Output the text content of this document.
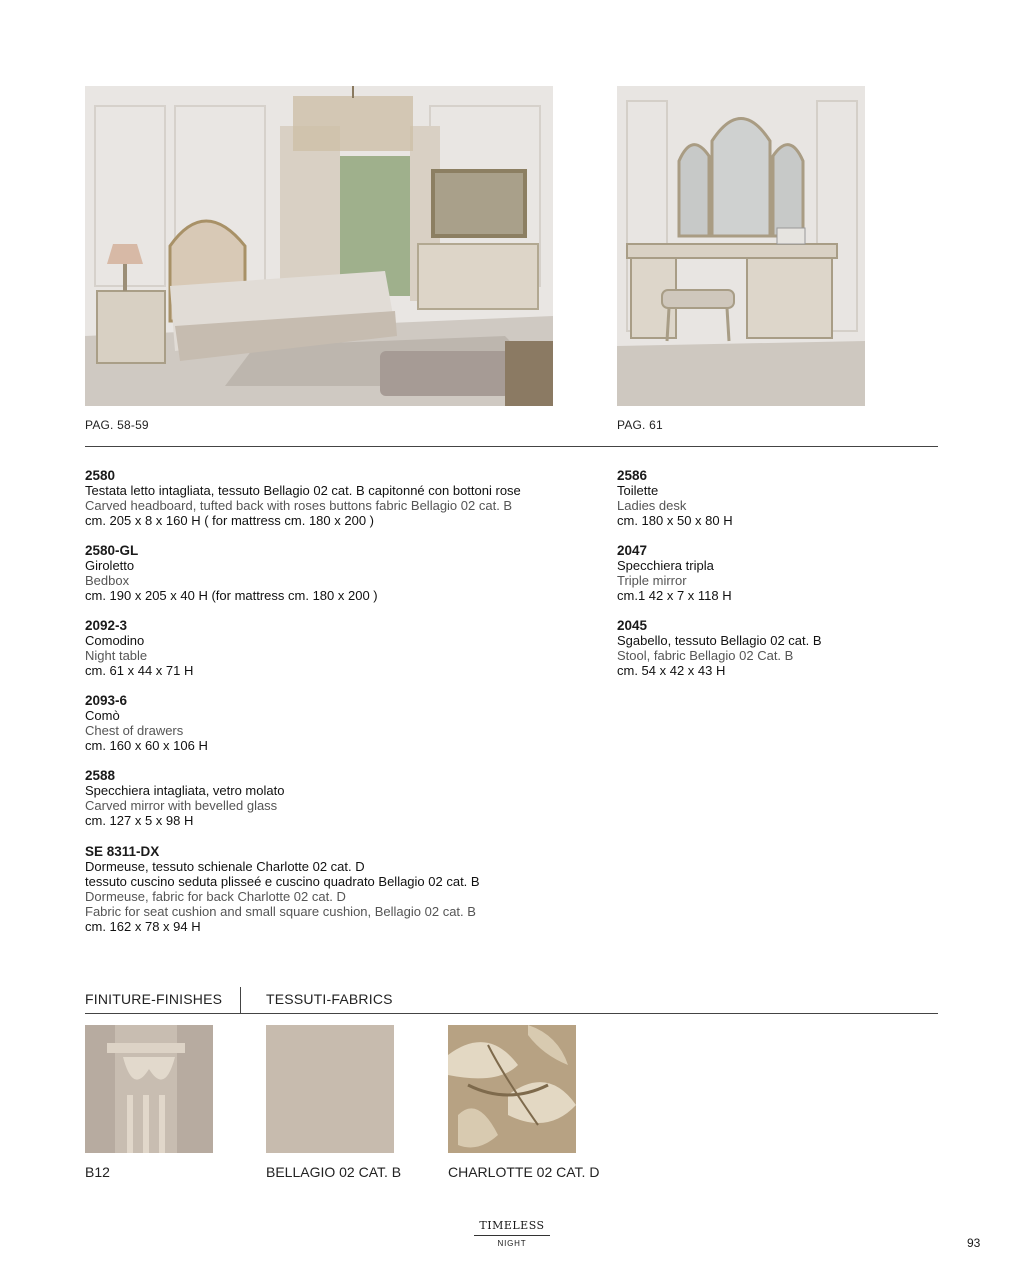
PAG. 58-59	PAG. 61
2580
Testata letto intagliata, tessuto Bellagio 02 cat. B capitonné con bottoni rose
Carved headboard, tufted back with roses buttons fabric Bellagio 02 cat. B
cm. 205 x 8 x 160 H ( for mattress cm. 180 x 200 )
2580-GL
Giroletto
Bedbox
cm. 190 x 205 x 40 H (for mattress cm. 180 x 200 )
2092-3
Comodino
Night table
cm. 61 x 44 x 71 H
2093-6
Comò
Chest of drawers
cm. 160 x 60 x 106 H
2588
Specchiera intagliata, vetro molato
Carved mirror with bevelled glass
cm. 127 x 5 x 98 H
SE 8311-DX
Dormeuse, tessuto schienale Charlotte 02 cat. D
tessuto cuscino seduta plisseé e cuscino quadrato Bellagio 02 cat. B
Dormeuse, fabric for back Charlotte 02 cat. D
Fabric for seat cushion and small square cushion, Bellagio 02 cat. B
cm. 162 x 78 x 94 H
2586
Toilette
Ladies desk
cm. 180 x 50 x 80 H
2047
Specchiera tripla
Triple mirror
cm.1 42 x 7 x 118 H
2045
Sgabello, tessuto Bellagio 02 cat. B
Stool, fabric Bellagio 02 Cat. B
cm. 54 x 42 x 43 H
FINITURE-FINISHES	TESSUTI-FABRICS
B12	BELLAGIO 02 CAT. B	CHARLOTTE 02 CAT. D
TIMELESS
NIGHT	93
